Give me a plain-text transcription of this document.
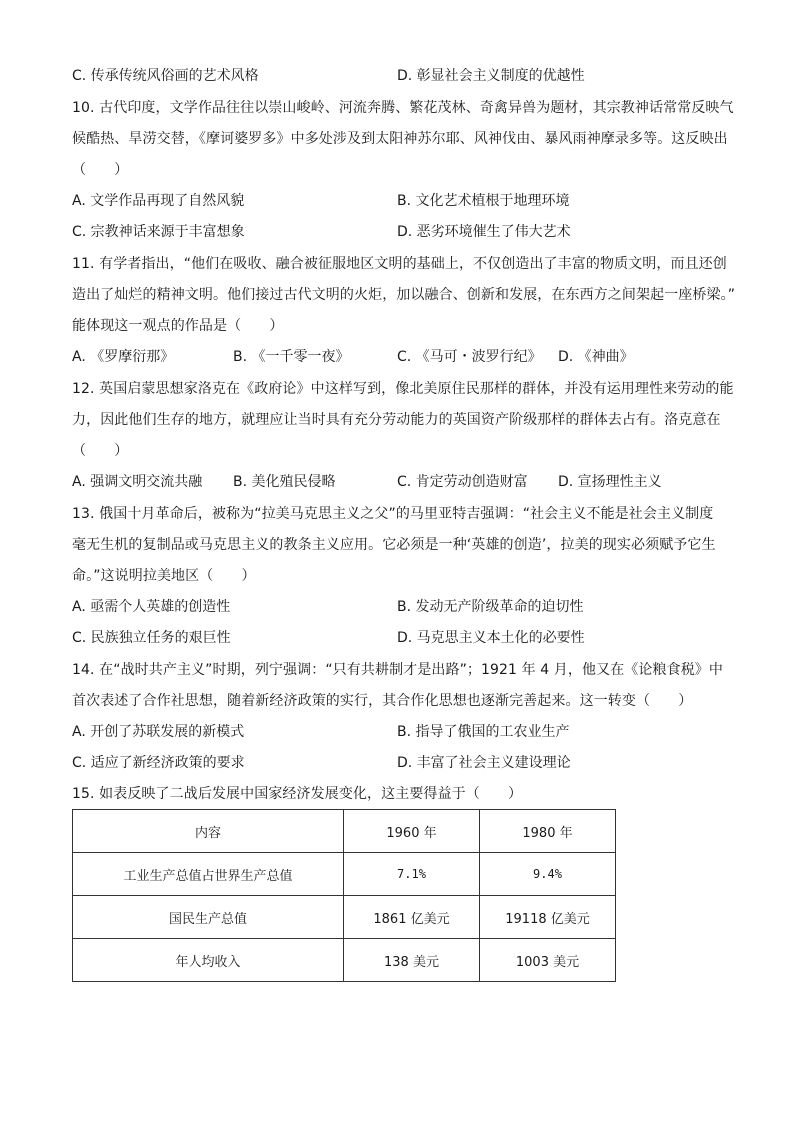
C. 传承传统风俗画的艺术风格	D. 彰显社会主义制度的优越性
10. 古代印度，文学作品往往以崇山峻岭、河流奔腾、繁花茂林、奇禽异兽为题材，其宗教神话常常反映气
候酷热、旱涝交替，《摩诃婆罗多》中多处涉及到太阳神苏尔耶、风神伐由、暴风雨神摩录多等。这反映出
（　　）
A. 文学作品再现了自然风貌	B. 文化艺术植根于地理环境
C. 宗教神话来源于丰富想象	D. 恶劣环境催生了伟大艺术
11. 有学者指出，“他们在吸收、融合被征服地区文明的基础上，不仅创造出了丰富的物质文明，而且还创
造出了灿烂的精神文明。他们接过古代文明的火炬，加以融合、创新和发展，在东西方之间架起一座桥梁。”
能体现这一观点的作品是（　　）
A. 《罗摩衍那》	B. 《一千零一夜》	C. 《马可・波罗行纪》 D. 《神曲》
12. 英国启蒙思想家洛克在《政府论》中这样写到，像北美原住民那样的群体，并没有运用理性来劳动的能
力，因此他们生存的地方，就理应让当时具有充分劳动能力的英国资产阶级那样的群体去占有。洛克意在
（　　）
A. 强调文明交流共融 B. 美化殖民侵略	C. 肯定劳动创造财富 D. 宣扬理性主义
13. 俄国十月革命后，被称为“拉美马克思主义之父”的马里亚特吉强调：“社会主义不能是社会主义制度
毫无生机的复制品或马克思主义的教条主义应用。它必须是一种‘英雄的创造’，拉美的现实必须赋予它生
命。”这说明拉美地区（　　）
A. 亟需个人英雄的创造性	B. 发动无产阶级革命的迫切性
C. 民族独立任务的艰巨性	D. 马克思主义本土化的必要性
14. 在“战时共产主义”时期，列宁强调：“只有共耕制才是出路”；1921 年 4 月，他又在《论粮食税》中
首次表述了合作社思想，随着新经济政策的实行，其合作化思想也逐渐完善起来。这一转变（　　）
A. 开创了苏联发展的新模式	B. 指导了俄国的工农业生产
C. 适应了新经济政策的要求	D. 丰富了社会主义建设理论
15. 如表反映了二战后发展中国家经济发展变化，这主要得益于（　　）
内容	1960 年	1980 年
工业生产总值占世界生产总值	7.1%	9.4%
国民生产总值	1861 亿美元	19118 亿美元
年人均收入	138 美元	1003 美元
